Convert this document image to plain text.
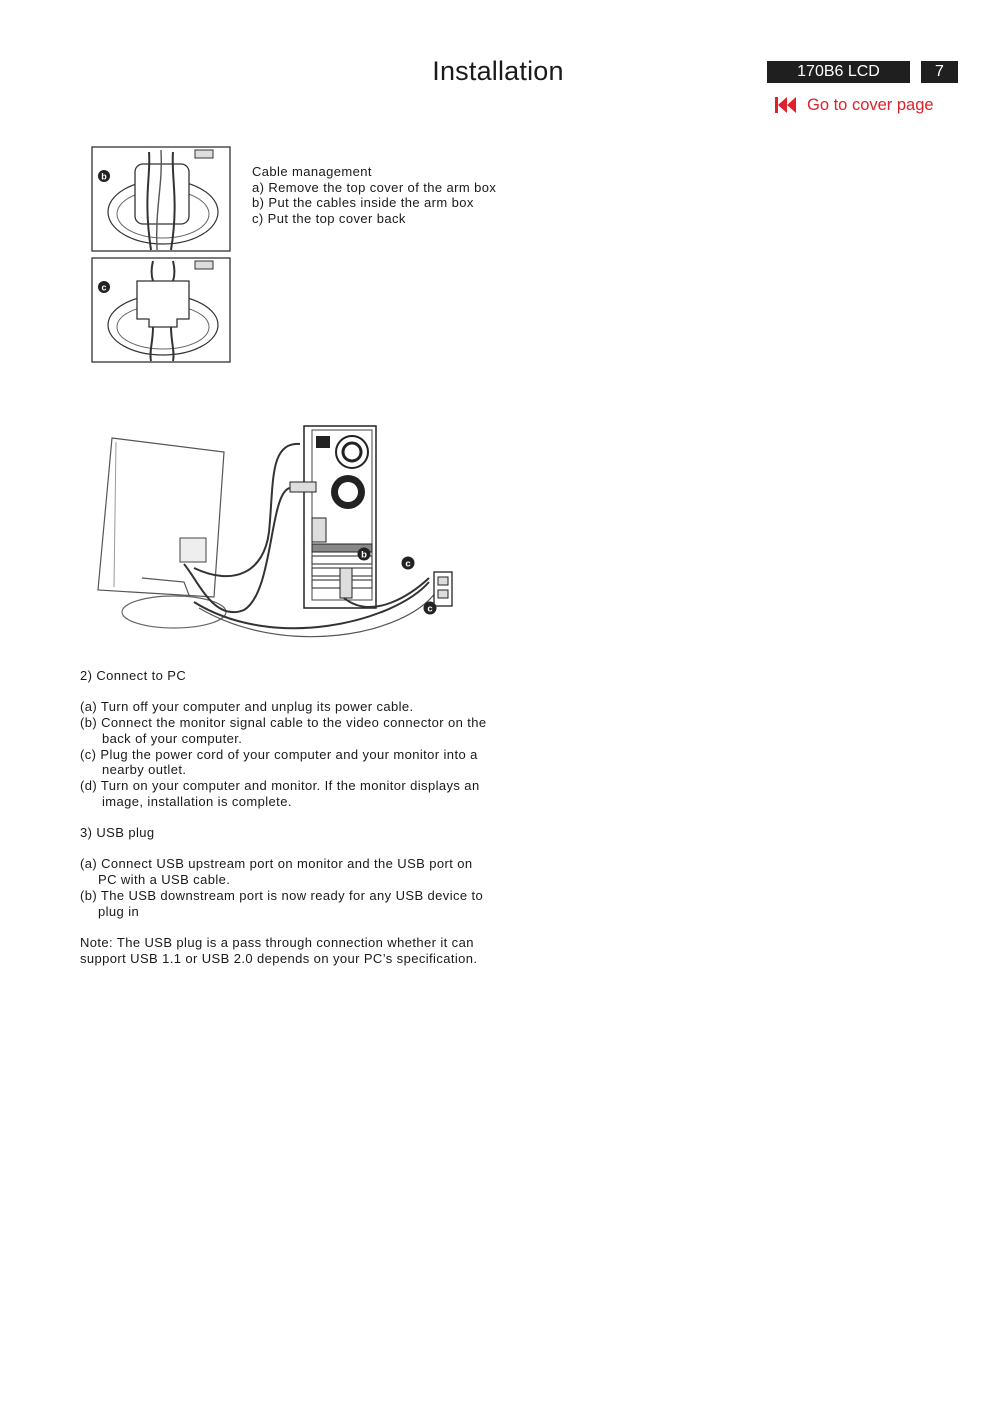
Installation	170B6 LCD	7
Go to cover page
b
c

Cable management

a) Remove the top cover of the arm box

b) Put the cables inside the arm box

c) Put the top cover back

b
c
c

2) Connect to PC

(a) Turn off your computer and unplug its power cable.

(b) Connect the monitor signal cable to the video connector on the

back of your computer.

(c) Plug the power cord of your computer and your monitor into a

nearby outlet.

(d) Turn on your computer and monitor. If the monitor displays an

image, installation is complete.

3) USB plug

(a) Connect USB upstream port on monitor and the USB port on

PC with a USB cable.

(b) The USB downstream port is now ready for any USB device to

plug in

Note: The USB plug is a pass through connection whether it can

support USB 1.1 or USB 2.0 depends on your PC’s specification.
